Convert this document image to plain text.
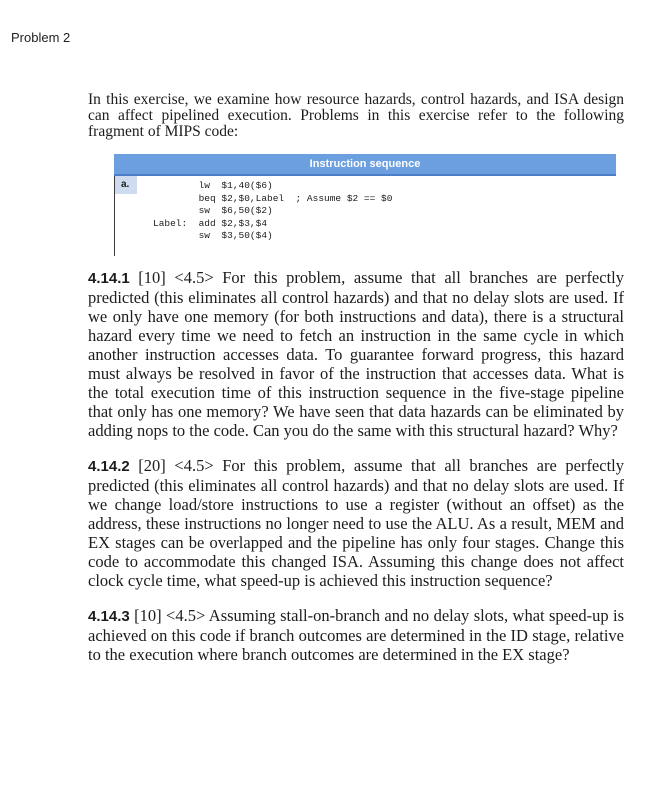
Problem 2

In this exercise, we examine how resource hazards, control hazards, and ISA design can affect pipelined execution. Problems in this exercise refer to the following fragment of MIPS code:

Instruction sequence
a.	lw  $1,40($6)
beq $2,$0,Label  ; Assume $2 == $0
sw  $6,50($2)
Label:  add $2,$3,$4
sw  $3,50($4)

4.14.1 [10] <4.5> For this problem, assume that all branches are perfectly predicted (this eliminates all control hazards) and that no delay slots are used. If we only have one memory (for both instructions and data), there is a structural hazard every time we need to fetch an instruction in the same cycle in which another instruction accesses data. To guarantee forward progress, this hazard must always be resolved in favor of the instruction that accesses data. What is the total execution time of this instruction sequence in the five-stage pipeline that only has one memory? We have seen that data hazards can be eliminated by adding nops to the code. Can you do the same with this structural hazard? Why?

4.14.2 [20] <4.5> For this problem, assume that all branches are perfectly predicted (this eliminates all control hazards) and that no delay slots are used. If we change load/store instructions to use a register (without an offset) as the address, these instructions no longer need to use the ALU. As a result, MEM and EX stages can be overlapped and the pipeline has only four stages. Change this code to accommodate this changed ISA. Assuming this change does not affect clock cycle time, what speed-up is achieved this instruction sequence?

4.14.3 [10] <4.5> Assuming stall-on-branch and no delay slots, what speed-up is achieved on this code if branch outcomes are determined in the ID stage, relative to the execution where branch outcomes are determined in the EX stage?
